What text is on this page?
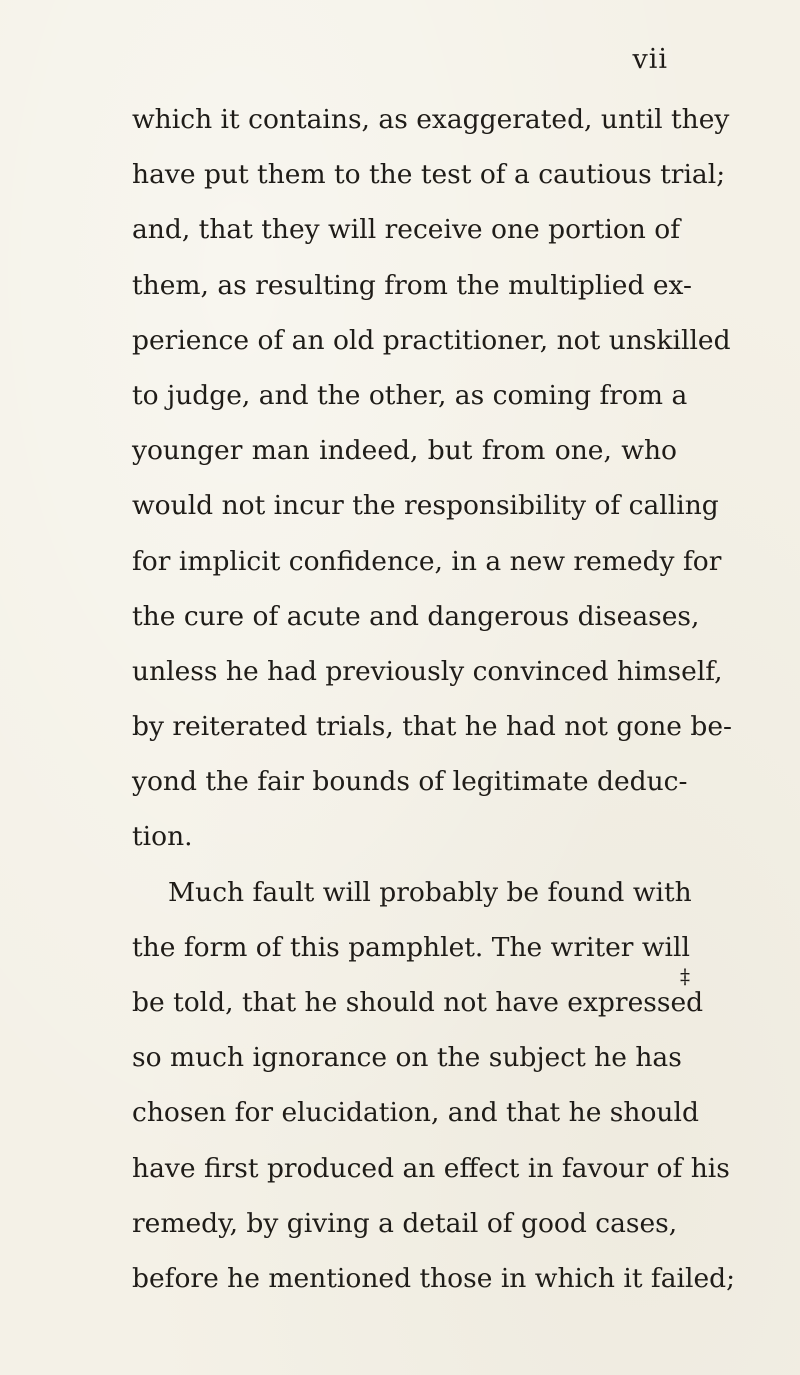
vii
which it contains, as exaggerated, until they
have put them to the test of a cautious trial;
and, that they will receive one portion of
them, as resulting from the multiplied ex-
perience of an old practitioner, not unskilled
to judge, and the other, as coming from a
younger man indeed, but from one, who
would not incur the responsibility of calling
for implicit confidence, in a new remedy for
the cure of acute and dangerous diseases,
unless he had previously convinced himself,
by reiterated trials, that he had not gone be-
yond the fair bounds of legitimate deduc-
tion.
Much fault will probably be found with
the form of this pamphlet. The writer will
be told, that he should not have expressed
so much ignorance on the subject he has
chosen for elucidation, and that he should
have first produced an effect in favour of his
remedy, by giving a detail of good cases,
before he mentioned those in which it failed;
‡
